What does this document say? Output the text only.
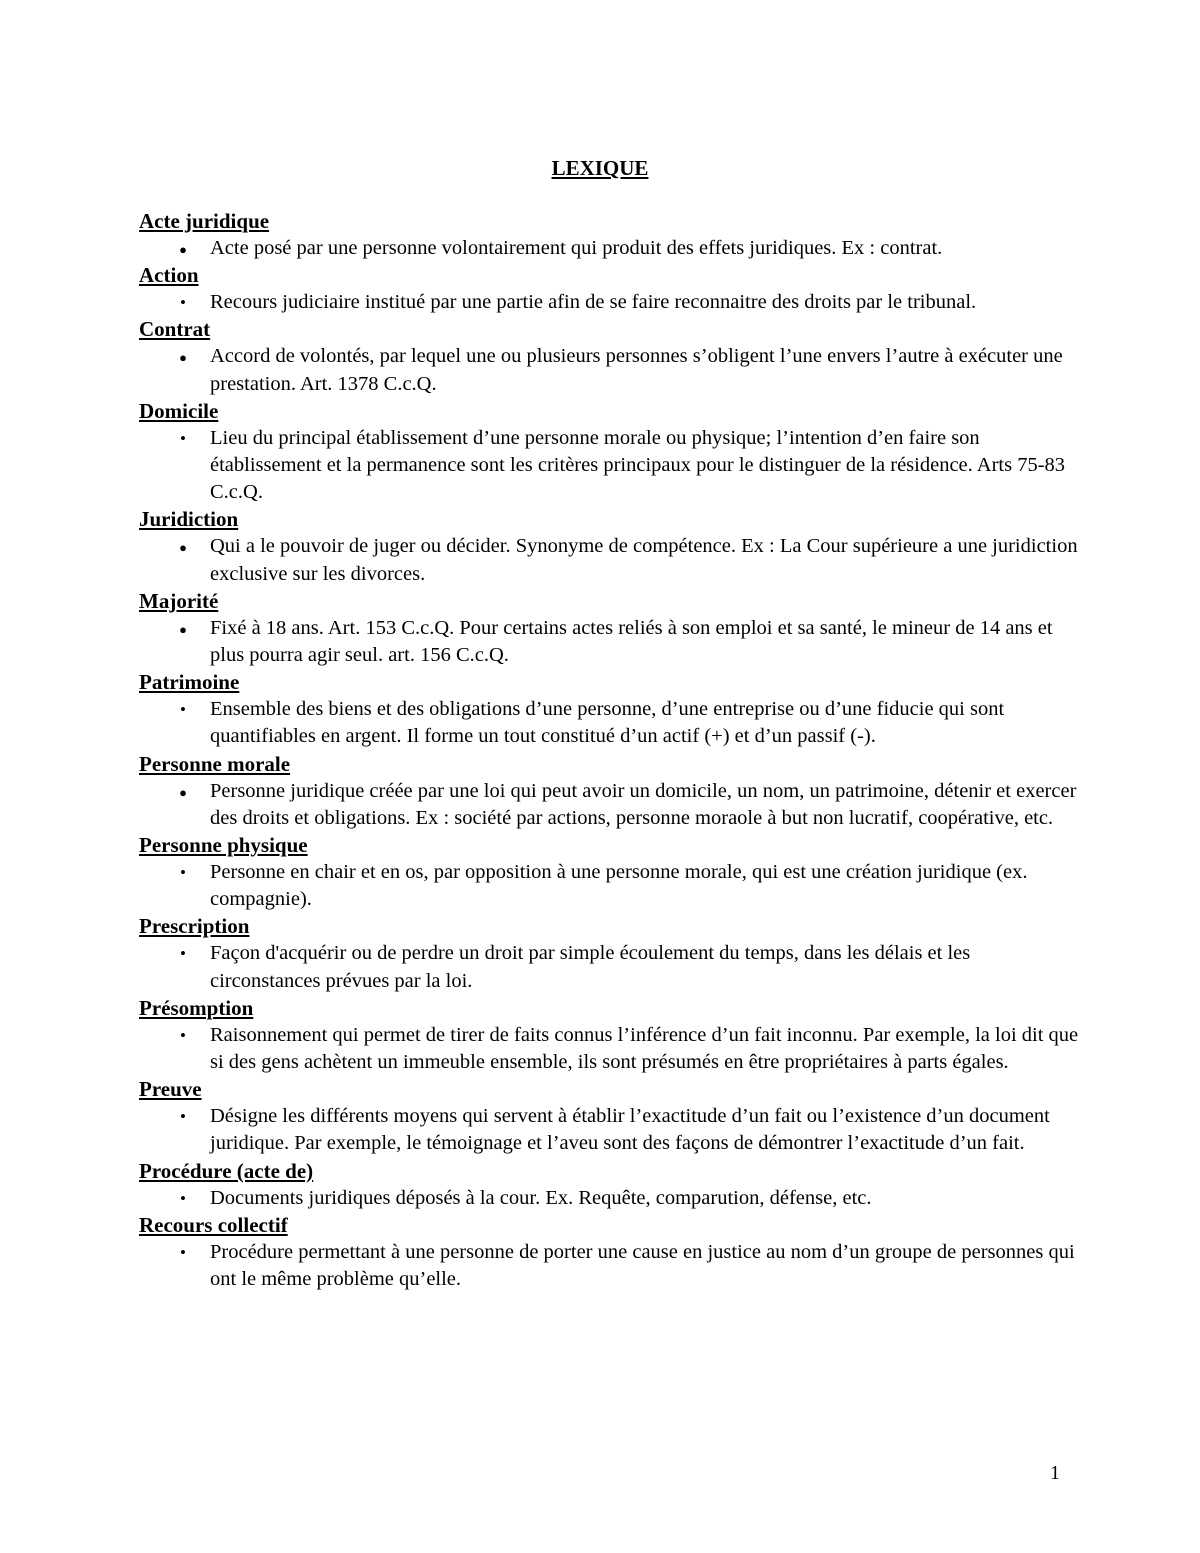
LEXIQUE
Acte juridique
●
Acte posé par une personne volontairement qui produit des effets juridiques. Ex : contrat.
Action
•
Recours judiciaire institué par une partie afin de se faire reconnaitre des droits par le tribunal.
Contrat
●
Accord de volontés, par lequel une ou plusieurs personnes s’obligent l’une envers l’autre à exécuter une prestation. Art. 1378 C.c.Q.
Domicile
•
Lieu du principal établissement d’une personne morale ou physique; l’intention d’en faire son établissement et la permanence sont les critères principaux pour le distinguer de la résidence. Arts 75-83 C.c.Q.
Juridiction
●
Qui a le pouvoir de juger ou décider. Synonyme de compétence. Ex : La Cour supérieure a une juridiction exclusive sur les divorces.
Majorité
●
Fixé à 18 ans. Art. 153 C.c.Q. Pour certains actes reliés à son emploi et sa santé, le mineur de 14 ans et plus pourra agir seul. art. 156 C.c.Q.
Patrimoine
•
Ensemble des biens et des obligations d’une personne, d’une entreprise ou d’une fiducie qui sont quantifiables en argent. Il forme un tout constitué d’un actif (+) et d’un passif (-).
Personne morale
●
Personne juridique créée par une loi qui peut avoir un domicile, un nom, un patrimoine, détenir et exercer des droits et obligations. Ex : société par actions, personne moraole à but non lucratif, coopérative, etc.
Personne physique
•
Personne en chair et en os, par opposition à une personne morale, qui est une création juridique (ex. compagnie).
Prescription
•
Façon d'acquérir ou de perdre un droit par simple écoulement du temps, dans les délais et les circonstances prévues par la loi.
Présomption
•
Raisonnement qui permet de tirer de faits connus l’inférence d’un fait inconnu. Par exemple, la loi dit que si des gens achètent un immeuble ensemble, ils sont présumés en être propriétaires à parts égales.
Preuve
•
Désigne les différents moyens qui servent à établir l’exactitude d’un fait ou l’existence d’un document juridique. Par exemple, le témoignage et l’aveu sont des façons de démontrer l’exactitude d’un fait.
Procédure (acte de)
•
Documents juridiques déposés à la cour. Ex. Requête, comparution, défense, etc.
Recours collectif
•
Procédure permettant à une personne de porter une cause en justice au nom d’un groupe de personnes qui ont le même problème qu’elle.
1
